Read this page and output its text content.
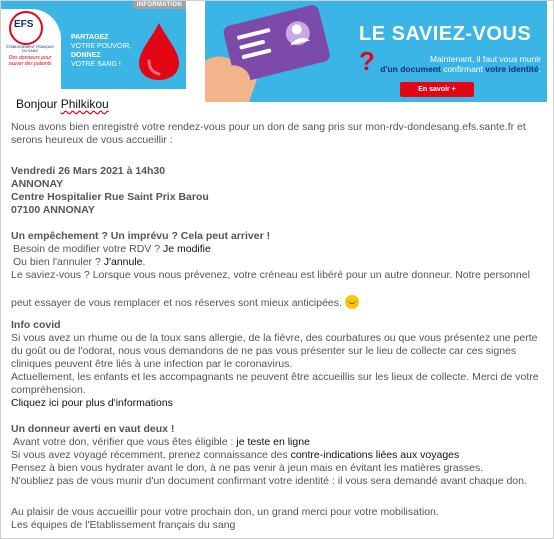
INFORMATION
EFS
ÉTABLISSEMENT FRANÇAIS DU SANG
Des donneurs pour sauver des patients
PARTAGEZ
VOTRE POUVOIR,
DONNEZ
VOTRE SANG !
LE SAVIEZ-VOUS ?	Maintenant, il faut vous munir
d'un document confirmant votre identité.
En savoir +
Bonjour Philkikou

Nous avons bien enregistré votre rendez-vous pour un don de sang pris sur mon-rdv-dondesang.efs.sante.fr et serons heureux de vous accueillir :

Vendredi 26 Mars 2021 à 14h30

ANNONAY

Centre Hospitalier Rue Saint Prix Barou

07100 ANNONAY

Un empêchement ? Un imprévu ? Cela peut arriver !

Besoin de modifier votre RDV ? Je modifie

Ou bien l'annuler ? J'annule.

Le saviez-vous ? Lorsque vous nous prévenez, votre créneau est libéré pour un autre donneur. Notre personnel

peut essayer de vous remplacer et nos réserves sont mieux anticipées.

Info covid

Si vous avez un rhume ou de la toux sans allergie, de la fièvre, des courbatures ou que vous présentez une perte du goût ou de l'odorat, nous vous demandons de ne pas vous présenter sur le lieu de collecte car ces signes cliniques peuvent être liés à une infection par le coronavirus.

Actuellement, les enfants et les accompagnants ne peuvent être accueillis sur les lieux de collecte. Merci de votre compréhension.

Cliquez ici pour plus d'informations

Un donneur averti en vaut deux !

Avant votre don, vérifier que vous êtes éligible : je teste en ligne

Si vous avez voyagé récemment, prenez connaissance des contre-indications liées aux voyages

Pensez à bien vous hydrater avant le don, à ne pas venir à jeun mais en évitant les matières grasses.

N'oubliez pas de vous munir d'un document confirmant votre identité : il vous sera demandé avant chaque don.

Au plaisir de vous accueillir pour votre prochain don, un grand merci pour votre mobilisation.

Les équipes de l'Etablissement français du sang
